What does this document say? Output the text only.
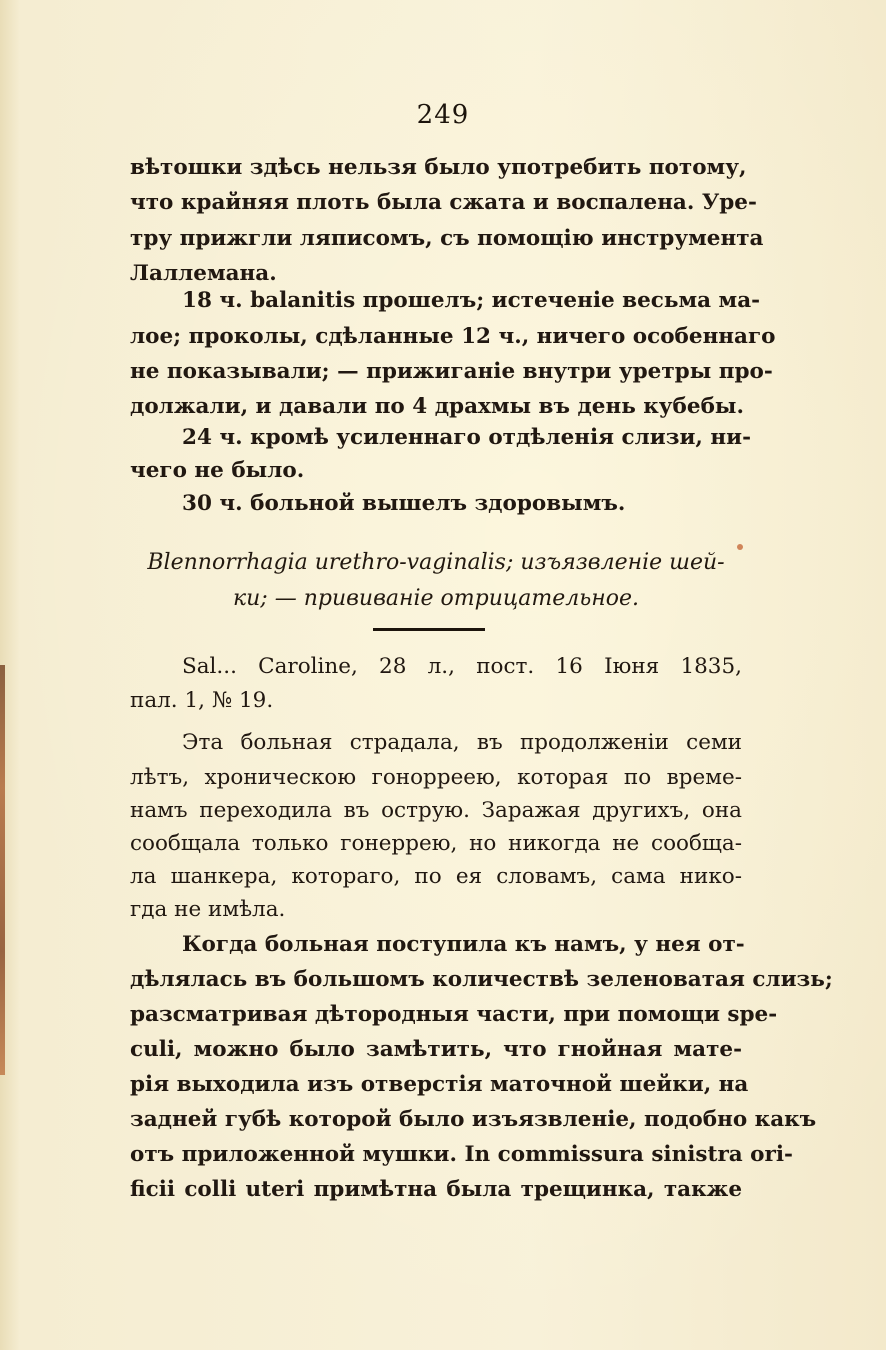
249
вѣтошки здѣсь нельзя было употребить потому,
что крайняя плоть была сжата и воспалена. Уре-
тру прижгли ляписомъ, съ помощію инструмента
Лаллемана.
18 ч. balanitis прошелъ; истеченіе весьма ма-
лое; проколы, сдѣланные 12 ч., ничего особеннаго
не показывали; — прижиганіе внутри уретры про-
должали, и давали по 4 драхмы въ день кубебы.
24 ч. кромѣ усиленнаго отдѣленія слизи, ни-
чего не было.
30 ч. больной вышелъ здоровымъ.
Blennorrhagia urethro-vaginalis; изъязвленіе шей-
ки; — прививаніе отрицательное.
Sal... Caroline, 28 л., пост. 16 Іюня 1835,
пал. 1, № 19.
Эта больная страдала, въ продолженіи семи
лѣтъ, хроническою гонорреею, которая по време-
намъ переходила въ острую. Заражая другихъ, она
сообщала только гонеррею, но никогда не сообща-
ла шанкера, котораго, по ея словамъ, сама нико-
гда не имѣла.
Когда больная поступила къ намъ, у нея от-
дѣлялась въ большомъ количествѣ зеленоватая слизь;
разсматривая дѣтородныя части, при помощи spe-
culi, можно было замѣтить, что гнойная мате-
рія выходила изъ отверстія маточной шейки, на
задней губѣ которой было изъязвленіе, подобно какъ
отъ приложенной мушки. In commissura sinistra ori-
ficii colli uteri примѣтна была трещинка, также
